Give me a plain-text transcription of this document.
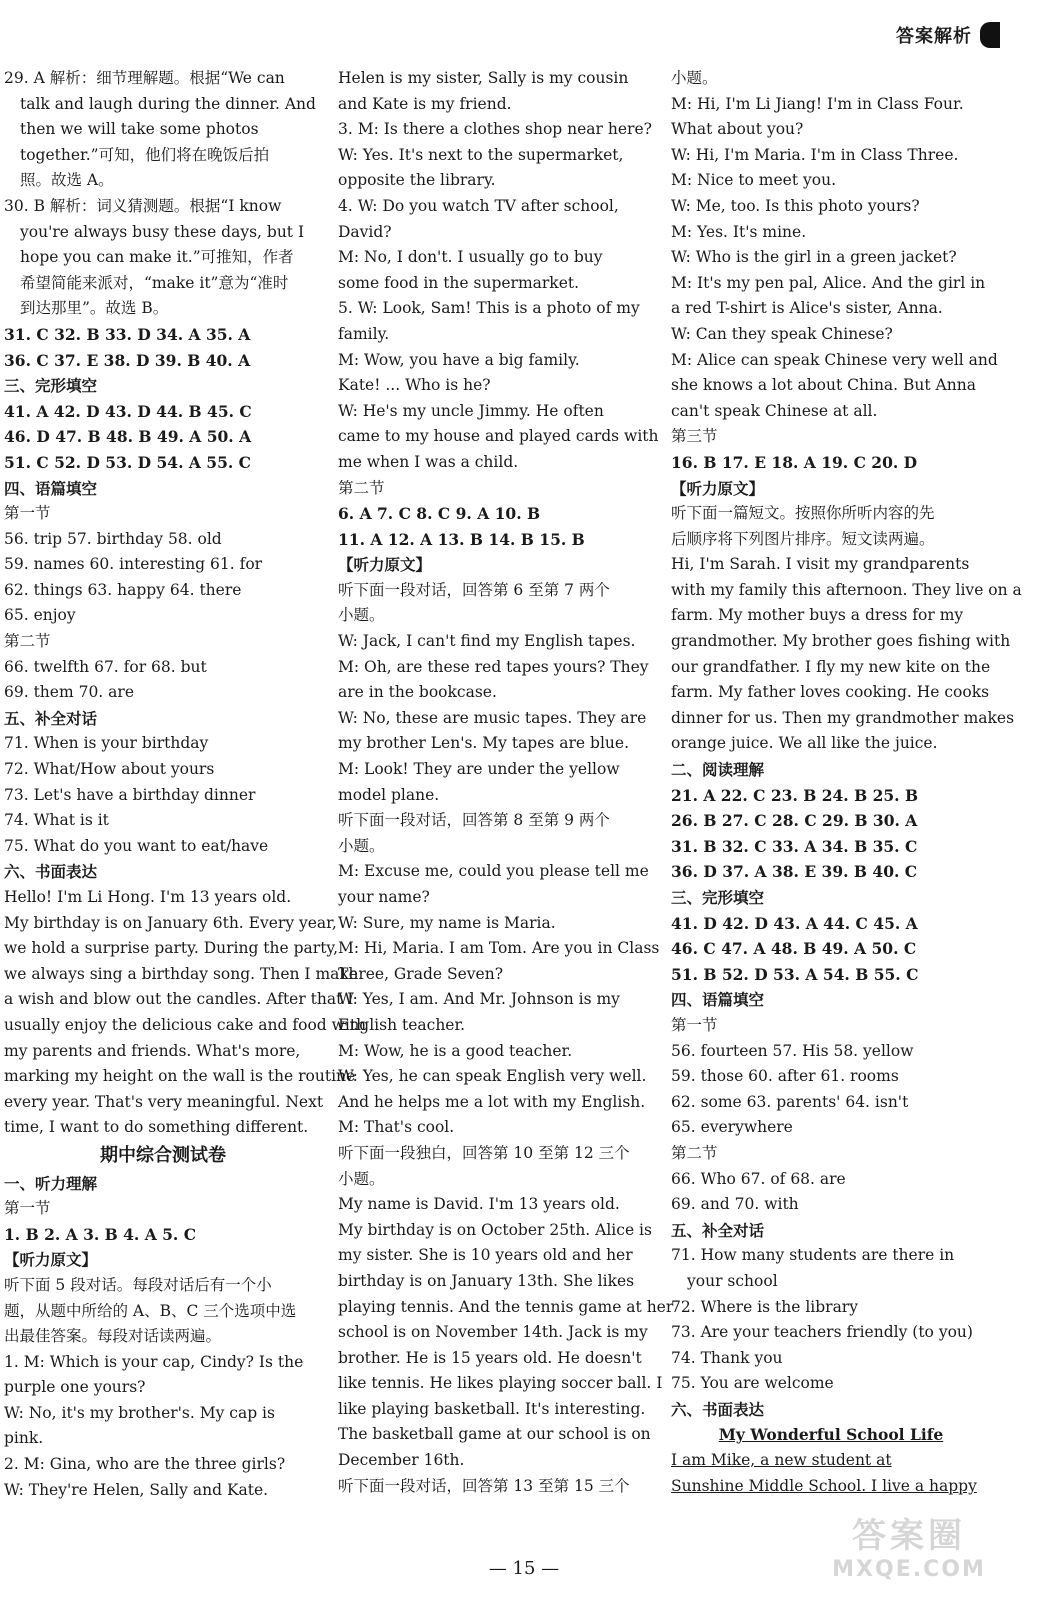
答案解析
29. A 解析：细节理解题。根据“We can
talk and laugh during the dinner. And
then we will take some photos
together.”可知，他们将在晚饭后拍
照。故选 A。
30. B 解析：词义猜测题。根据“I know
you're always busy these days, but I
hope you can make it.”可推知，作者
希望简能来派对，“make it”意为“准时
到达那里”。故选 B。
31. C 32. B 33. D 34. A 35. A
36. C 37. E 38. D 39. B 40. A
三、完形填空
41. A 42. D 43. D 44. B 45. C
46. D 47. B 48. B 49. A 50. A
51. C 52. D 53. D 54. A 55. C
四、语篇填空
第一节
56. trip 57. birthday 58. old
59. names 60. interesting 61. for
62. things 63. happy 64. there
65. enjoy
第二节
66. twelfth 67. for 68. but
69. them 70. are
五、补全对话
71. When is your birthday
72. What/How about yours
73. Let's have a birthday dinner
74. What is it
75. What do you want to eat/have
六、书面表达
Hello! I'm Li Hong. I'm 13 years old.
My birthday is on January 6th. Every year,
we hold a surprise party. During the party,
we always sing a birthday song. Then I make
a wish and blow out the candles. After that I
usually enjoy the delicious cake and food with
my parents and friends. What's more,
marking my height on the wall is the routine
every year. That's very meaningful. Next
time, I want to do something different.
期中综合测试卷
一、听力理解
第一节
1. B 2. A 3. B 4. A 5. C
【听力原文】
听下面 5 段对话。每段对话后有一个小
题，从题中所给的 A、B、C 三个选项中选
出最佳答案。每段对话读两遍。
1. M: Which is your cap, Cindy? Is the
purple one yours?
W: No, it's my brother's. My cap is
pink.
2. M: Gina, who are the three girls?
W: They're Helen, Sally and Kate.
Helen is my sister, Sally is my cousin
and Kate is my friend.
3. M: Is there a clothes shop near here?
W: Yes. It's next to the supermarket,
opposite the library.
4. W: Do you watch TV after school,
David?
M: No, I don't. I usually go to buy
some food in the supermarket.
5. W: Look, Sam! This is a photo of my
family.
M: Wow, you have a big family.
Kate! ... Who is he?
W: He's my uncle Jimmy. He often
came to my house and played cards with
me when I was a child.
第二节
6. A 7. C 8. C 9. A 10. B
11. A 12. A 13. B 14. B 15. B
【听力原文】
听下面一段对话，回答第 6 至第 7 两个
小题。
W: Jack, I can't find my English tapes.
M: Oh, are these red tapes yours? They
are in the bookcase.
W: No, these are music tapes. They are
my brother Len's. My tapes are blue.
M: Look! They are under the yellow
model plane.
听下面一段对话，回答第 8 至第 9 两个
小题。
M: Excuse me, could you please tell me
your name?
W: Sure, my name is Maria.
M: Hi, Maria. I am Tom. Are you in Class
Three, Grade Seven?
W: Yes, I am. And Mr. Johnson is my
English teacher.
M: Wow, he is a good teacher.
W: Yes, he can speak English very well.
And he helps me a lot with my English.
M: That's cool.
听下面一段独白，回答第 10 至第 12 三个
小题。
My name is David. I'm 13 years old.
My birthday is on October 25th. Alice is
my sister. She is 10 years old and her
birthday is on January 13th. She likes
playing tennis. And the tennis game at her
school is on November 14th. Jack is my
brother. He is 15 years old. He doesn't
like tennis. He likes playing soccer ball. I
like playing basketball. It's interesting.
The basketball game at our school is on
December 16th.
听下面一段对话，回答第 13 至第 15 三个
小题。
M: Hi, I'm Li Jiang! I'm in Class Four.
What about you?
W: Hi, I'm Maria. I'm in Class Three.
M: Nice to meet you.
W: Me, too. Is this photo yours?
M: Yes. It's mine.
W: Who is the girl in a green jacket?
M: It's my pen pal, Alice. And the girl in
a red T-shirt is Alice's sister, Anna.
W: Can they speak Chinese?
M: Alice can speak Chinese very well and
she knows a lot about China. But Anna
can't speak Chinese at all.
第三节
16. B 17. E 18. A 19. C 20. D
【听力原文】
听下面一篇短文。按照你所听内容的先
后顺序将下列图片排序。短文读两遍。
Hi, I'm Sarah. I visit my grandparents
with my family this afternoon. They live on a
farm. My mother buys a dress for my
grandmother. My brother goes fishing with
our grandfather. I fly my new kite on the
farm. My father loves cooking. He cooks
dinner for us. Then my grandmother makes
orange juice. We all like the juice.
二、阅读理解
21. A 22. C 23. B 24. B 25. B
26. B 27. C 28. C 29. B 30. A
31. B 32. C 33. A 34. B 35. C
36. D 37. A 38. E 39. B 40. C
三、完形填空
41. D 42. D 43. A 44. C 45. A
46. C 47. A 48. B 49. A 50. C
51. B 52. D 53. A 54. B 55. C
四、语篇填空
第一节
56. fourteen 57. His 58. yellow
59. those 60. after 61. rooms
62. some 63. parents' 64. isn't
65. everywhere
第二节
66. Who 67. of 68. are
69. and 70. with
五、补全对话
71. How many students are there in
your school
72. Where is the library
73. Are your teachers friendly (to you)
74. Thank you
75. You are welcome
六、书面表达
My Wonderful School Life
I am Mike, a new student at
Sunshine Middle School. I live a happy
— 15 —
答案圈
MXQE.COM
